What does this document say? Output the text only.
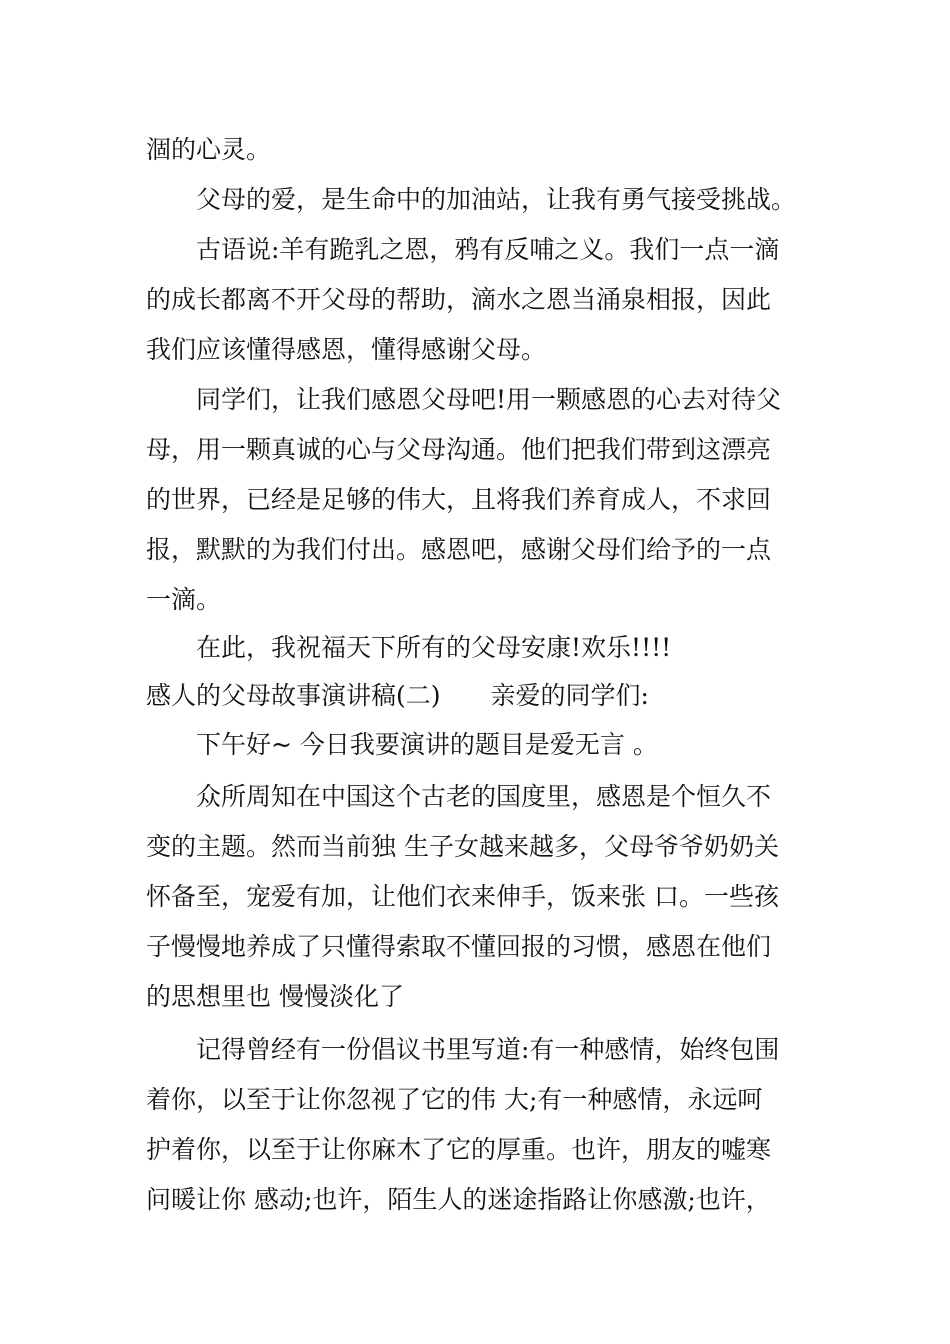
涸的心灵。
父母的爱，是生命中的加油站，让我有勇气接受挑战。
古语说:羊有跪乳之恩，鸦有反哺之义。我们一点一滴
的成长都离不开父母的帮助，滴水之恩当涌泉相报，因此
我们应该懂得感恩，懂得感谢父母。
同学们，让我们感恩父母吧!用一颗感恩的心去对待父
母，用一颗真诚的心与父母沟通。他们把我们带到这漂亮
的世界，已经是足够的伟大，且将我们养育成人，不求回
报，默默的为我们付出。感恩吧，感谢父母们给予的一点
一滴。
在此，我祝福天下所有的父母安康!欢乐!!!!
感人的父母故事演讲稿(二)　　亲爱的同学们:
下午好~ 今日我要演讲的题目是爱无言 。
众所周知在中国这个古老的国度里，感恩是个恒久不
变的主题。然而当前独 生子女越来越多，父母爷爷奶奶关
怀备至，宠爱有加，让他们衣来伸手，饭来张 口。一些孩
子慢慢地养成了只懂得索取不懂回报的习惯，感恩在他们
的思想里也 慢慢淡化了
记得曾经有一份倡议书里写道:有一种感情，始终包围
着你，以至于让你忽视了它的伟 大;有一种感情，永远呵
护着你，以至于让你麻木了它的厚重。也许，朋友的嘘寒
问暖让你 感动;也许，陌生人的迷途指路让你感激;也许，
